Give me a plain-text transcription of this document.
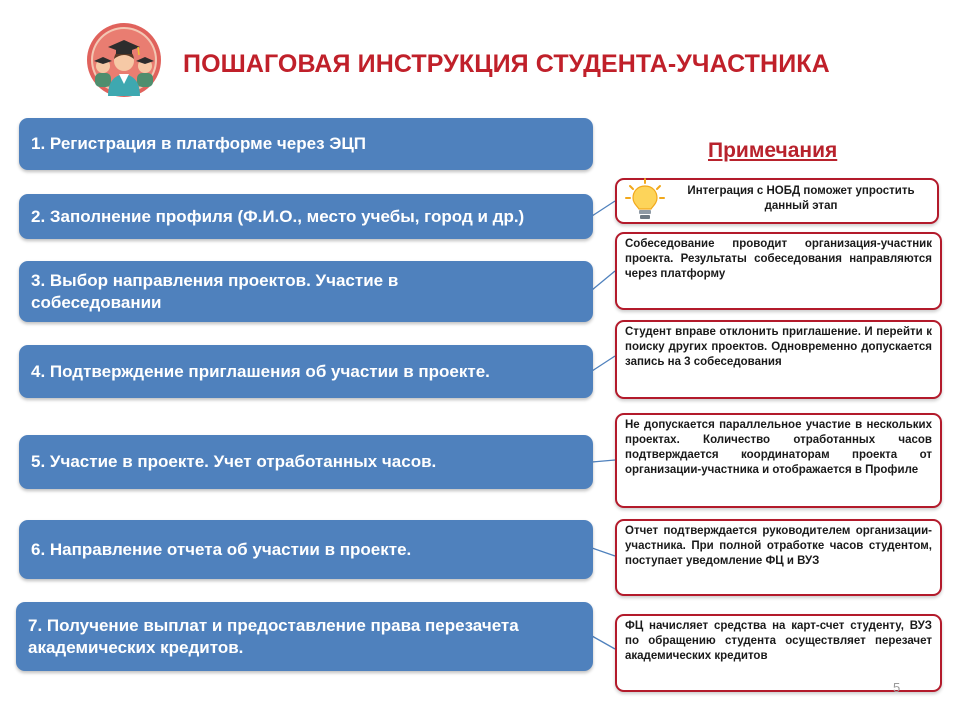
ПОШАГОВАЯ ИНСТРУКЦИЯ СТУДЕНТА-УЧАСТНИКА
Примечания
1. Регистрация в платформе через ЭЦП
2. Заполнение профиля (Ф.И.О., место учебы, город и др.)
3. Выбор направления проектов. Участие в собеседовании
4. Подтверждение приглашения об участии в проекте.
5. Участие в проекте. Учет отработанных часов.
6. Направление отчета об участии в проекте.
7. Получение выплат и предоставление права перезачета академических кредитов.
Интеграция с НОБД поможет упростить данный этап
Собеседование проводит организация-участник проекта. Результаты собеседования направляются через платформу
Студент вправе отклонить приглашение. И перейти к поиску других проектов. Одновременно допускается запись на 3 собеседования
Не допускается параллельное участие в нескольких проектах. Количество отработанных часов подтверждается координаторам проекта от организации-участника и отображается в Профиле
Отчет подтверждается руководителем организации-участника. При полной отработке часов студентом, поступает уведомление ФЦ и ВУЗ
ФЦ начисляет средства на карт-счет студенту, ВУЗ по обращению студента осуществляет перезачет академических кредитов
5
